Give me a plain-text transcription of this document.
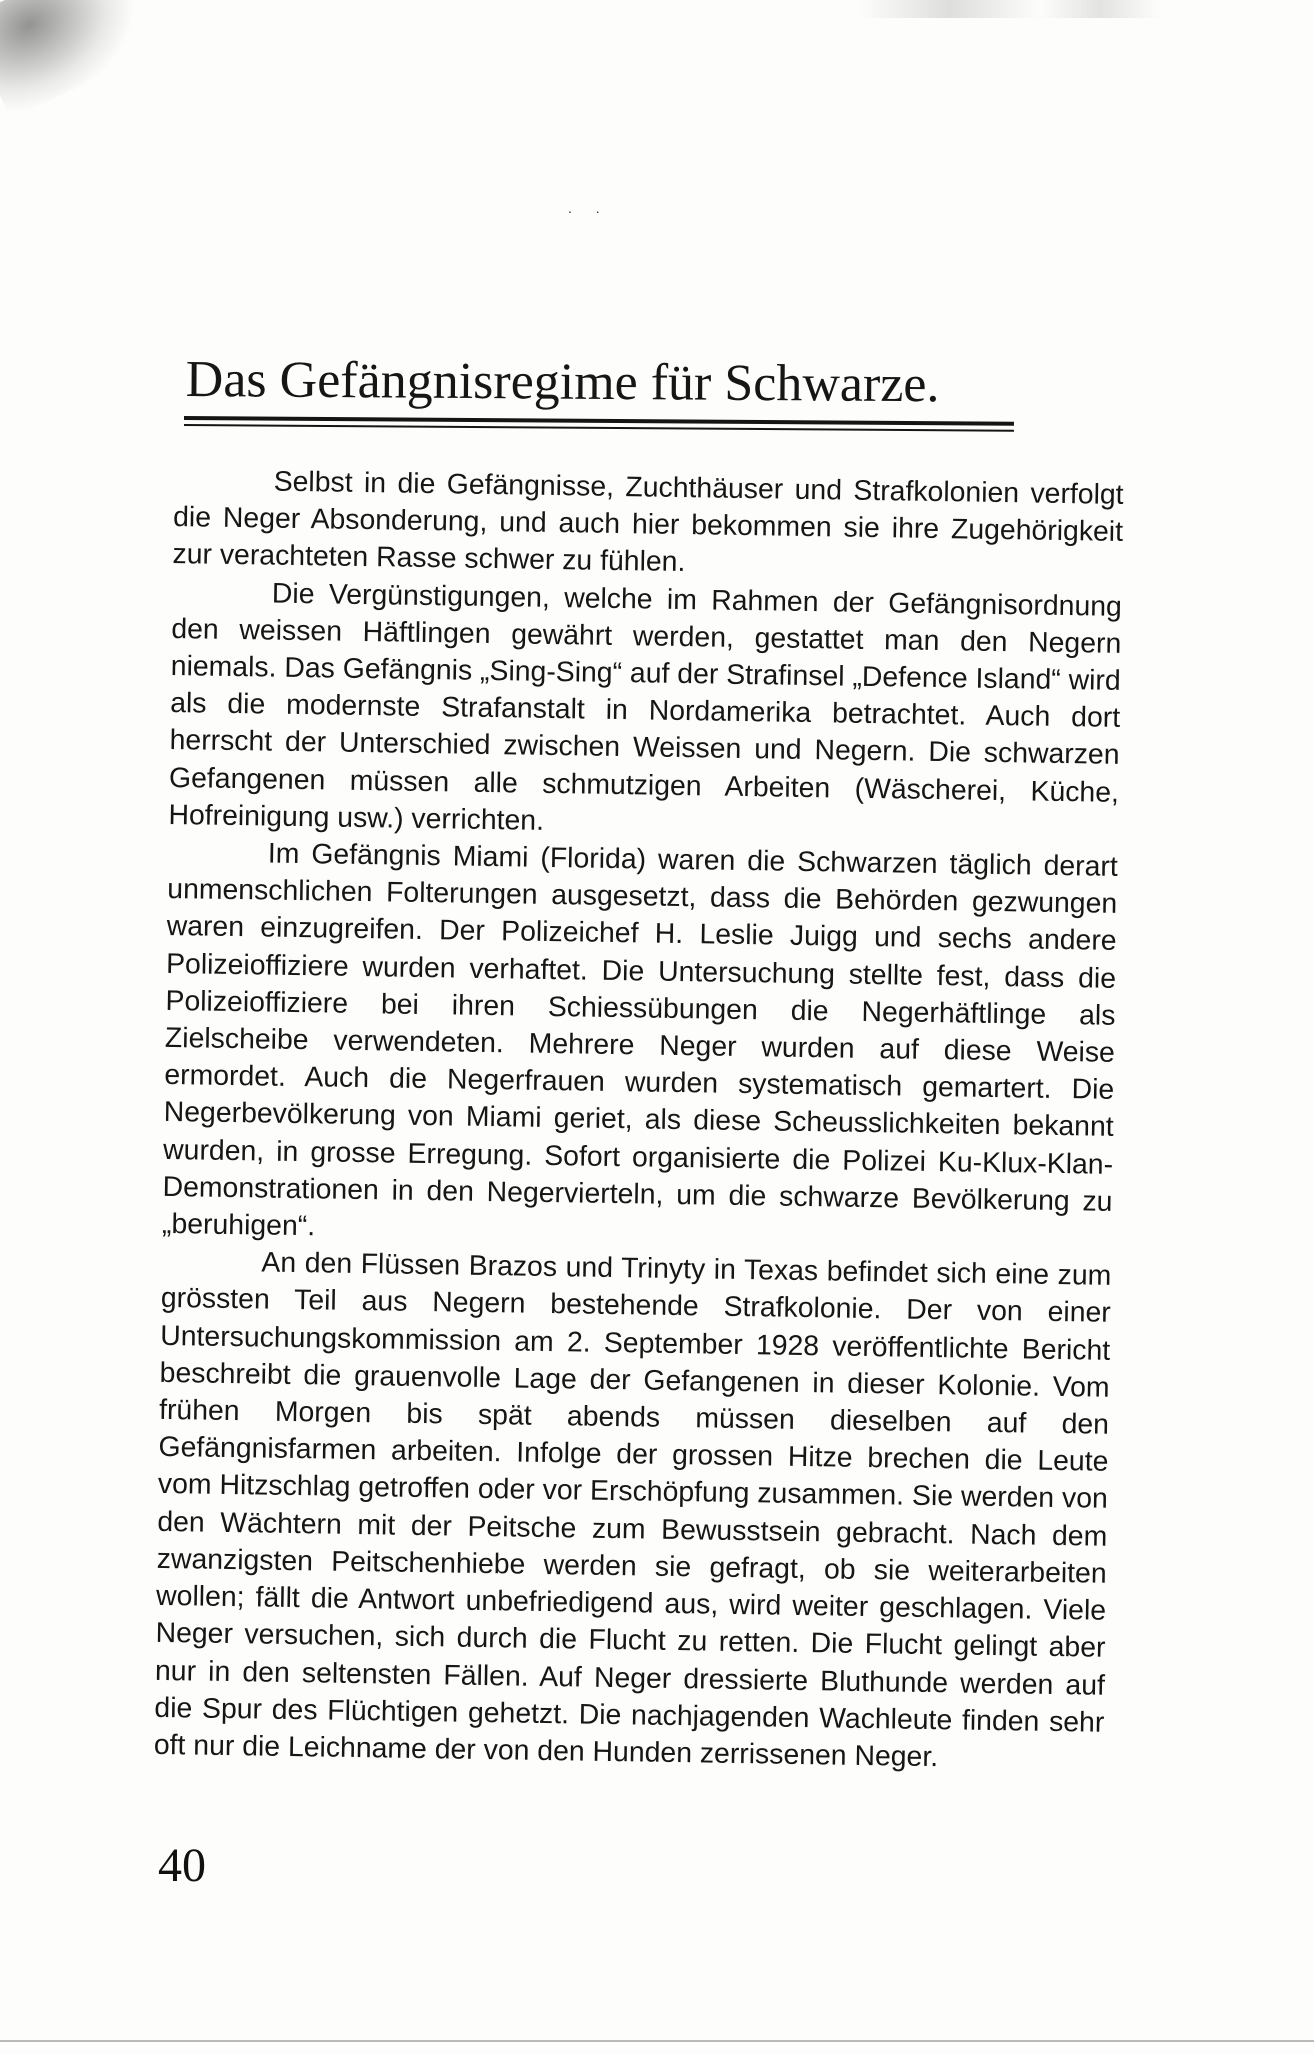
. .
Das Gefängnisregime für Schwarze.

Selbst in die Gefängnisse, Zuchthäuser und Strafkolonien verfolgt die Neger Absonderung, und auch hier bekommen sie ihre Zugehörigkeit zur verachteten Rasse schwer zu fühlen.

Die Vergünstigungen, welche im Rahmen der Gefängnisordnung den weissen Häftlingen gewährt werden, gestattet man den Negern niemals. Das Gefängnis „Sing-Sing“ auf der Strafinsel „Defence Island“ wird als die modernste Strafanstalt in Nordamerika betrachtet. Auch dort herrscht der Unterschied zwischen Weissen und Negern. Die schwarzen Gefangenen müssen alle schmutzigen Arbeiten (Wäscherei, Küche, Hofreinigung usw.) verrichten.

Im Gefängnis Miami (Florida) waren die Schwarzen täglich derart unmenschlichen Folterungen ausgesetzt, dass die Behörden gezwungen waren einzugreifen. Der Polizeichef H. Leslie Juigg und sechs andere Polizeioffiziere wurden verhaftet. Die Untersuchung stellte fest, dass die Polizeioffiziere bei ihren Schiessübungen die Negerhäftlinge als Zielscheibe verwendeten. Mehrere Neger wurden auf diese Weise ermordet. Auch die Negerfrauen wurden systematisch gemartert. Die Negerbevölkerung von Miami geriet, als diese Scheusslichkeiten bekannt wurden, in grosse Erregung. Sofort organisierte die Polizei Ku-Klux-Klan-Demonstrationen in den Negervierteln, um die schwarze Bevölkerung zu „beruhigen“.

An den Flüssen Brazos und Trinyty in Texas befindet sich eine zum grössten Teil aus Negern bestehende Strafkolonie. Der von einer Untersuchungskommission am 2. September 1928 veröffentlichte Bericht beschreibt die grauenvolle Lage der Gefangenen in dieser Kolonie. Vom frühen Morgen bis spät abends müssen dieselben auf den Gefängnisfarmen arbeiten. Infolge der grossen Hitze brechen die Leute vom Hitzschlag getroffen oder vor Erschöpfung zusammen. Sie werden von den Wächtern mit der Peitsche zum Bewusstsein gebracht. Nach dem zwanzigsten Peitschenhiebe werden sie gefragt, ob sie weiterarbeiten wollen; fällt die Antwort unbefriedigend aus, wird weiter geschlagen. Viele Neger versuchen, sich durch die Flucht zu retten. Die Flucht gelingt aber nur in den seltensten Fällen. Auf Neger dressierte Bluthunde werden auf die Spur des Flüchtigen gehetzt. Die nachjagenden Wachleute finden sehr oft nur die Leichname der von den Hunden zerrissenen Neger.

40
